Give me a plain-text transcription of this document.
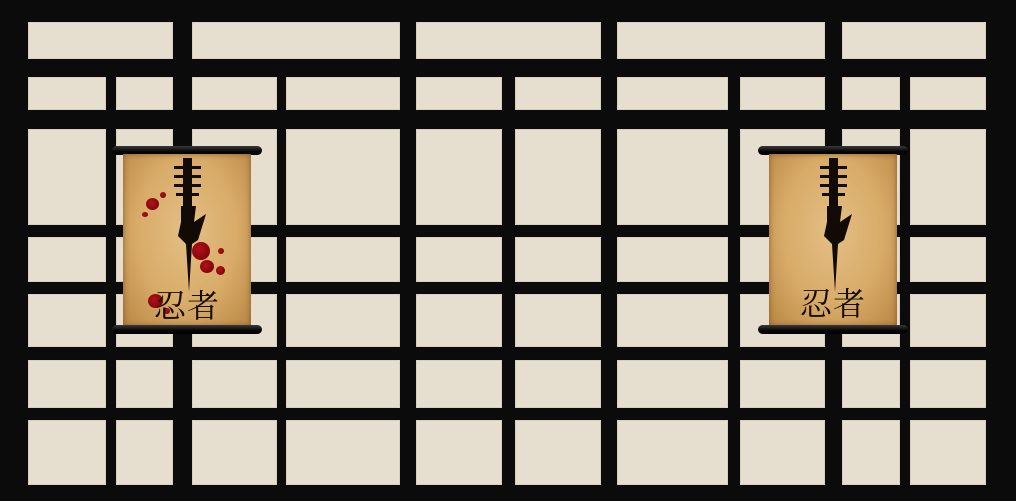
忍者	忍者
